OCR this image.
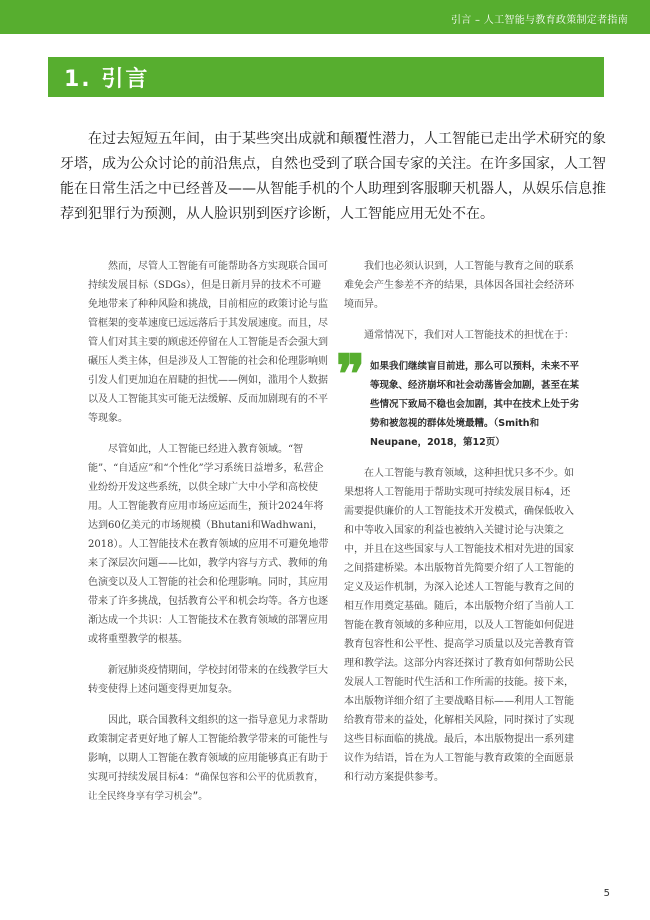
引言 – 人工智能与教育政策制定者指南
1. 引言

在过去短短五年间，由于某些突出成就和颠覆性潜力，人工智能已走出学术研究的象牙塔，成为公众讨论的前沿焦点，自然也受到了联合国专家的关注。在许多国家，人工智能在日常生活之中已经普及——从智能手机的个人助理到客服聊天机器人，从娱乐信息推荐到犯罪行为预测，从人脸识别到医疗诊断，人工智能应用无处不在。

然而，尽管人工智能有可能帮助各方实现联合国可持续发展目标（SDGs），但是日新月异的技术不可避免地带来了种种风险和挑战，目前相应的政策讨论与监管框架的变革速度已远远落后于其发展速度。而且，尽管人们对其主要的顾虑还停留在人工智能是否会强大到碾压人类主体，但是涉及人工智能的社会和伦理影响则引发人们更加迫在眉睫的担忧——例如，滥用个人数据以及人工智能其实可能无法缓解、反而加剧现有的不平等现象。

尽管如此，人工智能已经进入教育领域。“智能”、“自适应”和“个性化”学习系统日益增多，私营企业纷纷开发这些系统，以供全球广大中小学和高校使用。人工智能教育应用市场应运而生，预计2024年将达到60亿美元的市场规模（Bhutani和Wadhwani，2018）。人工智能技术在教育领域的应用不可避免地带来了深层次问题——比如，教学内容与方式、教师的角色演变以及人工智能的社会和伦理影响。同时，其应用带来了许多挑战，包括教育公平和机会均等。各方也逐渐达成一个共识：人工智能技术在教育领域的部署应用或将重塑教学的根基。

新冠肺炎疫情期间，学校封闭带来的在线教学巨大转变使得上述问题变得更加复杂。

因此，联合国教科文组织的这一指导意见力求帮助政策制定者更好地了解人工智能给教学带来的可能性与影响，以期人工智能在教育领域的应用能够真正有助于实现可持续发展目标4：“确保包容和公平的优质教育，让全民终身享有学习机会”。

我们也必须认识到，人工智能与教育之间的联系难免会产生参差不齐的结果，具体因各国社会经济环境而异。

通常情况下，我们对人工智能技术的担忧在于：

❞ 如果我们继续盲目前进，那么可以预料，未来不平等现象、经济崩坏和社会动荡皆会加剧，甚至在某些情况下致局不稳也会加剧，其中在技术上处于劣势和被忽视的群体处境最糟。（Smith和Neupane，2018，第12页）

在人工智能与教育领域，这种担忧只多不少。如果想将人工智能用于帮助实现可持续发展目标4，还需要提供廉价的人工智能技术开发模式，确保低收入和中等收入国家的利益也被纳入关键讨论与决策之中，并且在这些国家与人工智能技术相对先进的国家之间搭建桥梁。本出版物首先简要介绍了人工智能的定义及运作机制，为深入论述人工智能与教育之间的相互作用奠定基础。随后，本出版物介绍了当前人工智能在教育领域的多种应用，以及人工智能如何促进教育包容性和公平性、提高学习质量以及完善教育管理和教学法。这部分内容还探讨了教育如何帮助公民发展人工智能时代生活和工作所需的技能。接下来，本出版物详细介绍了主要战略目标——利用人工智能给教育带来的益处，化解相关风险，同时探讨了实现这些目标面临的挑战。最后，本出版物提出一系列建议作为结语，旨在为人工智能与教育政策的全面愿景和行动方案提供参考。

5
